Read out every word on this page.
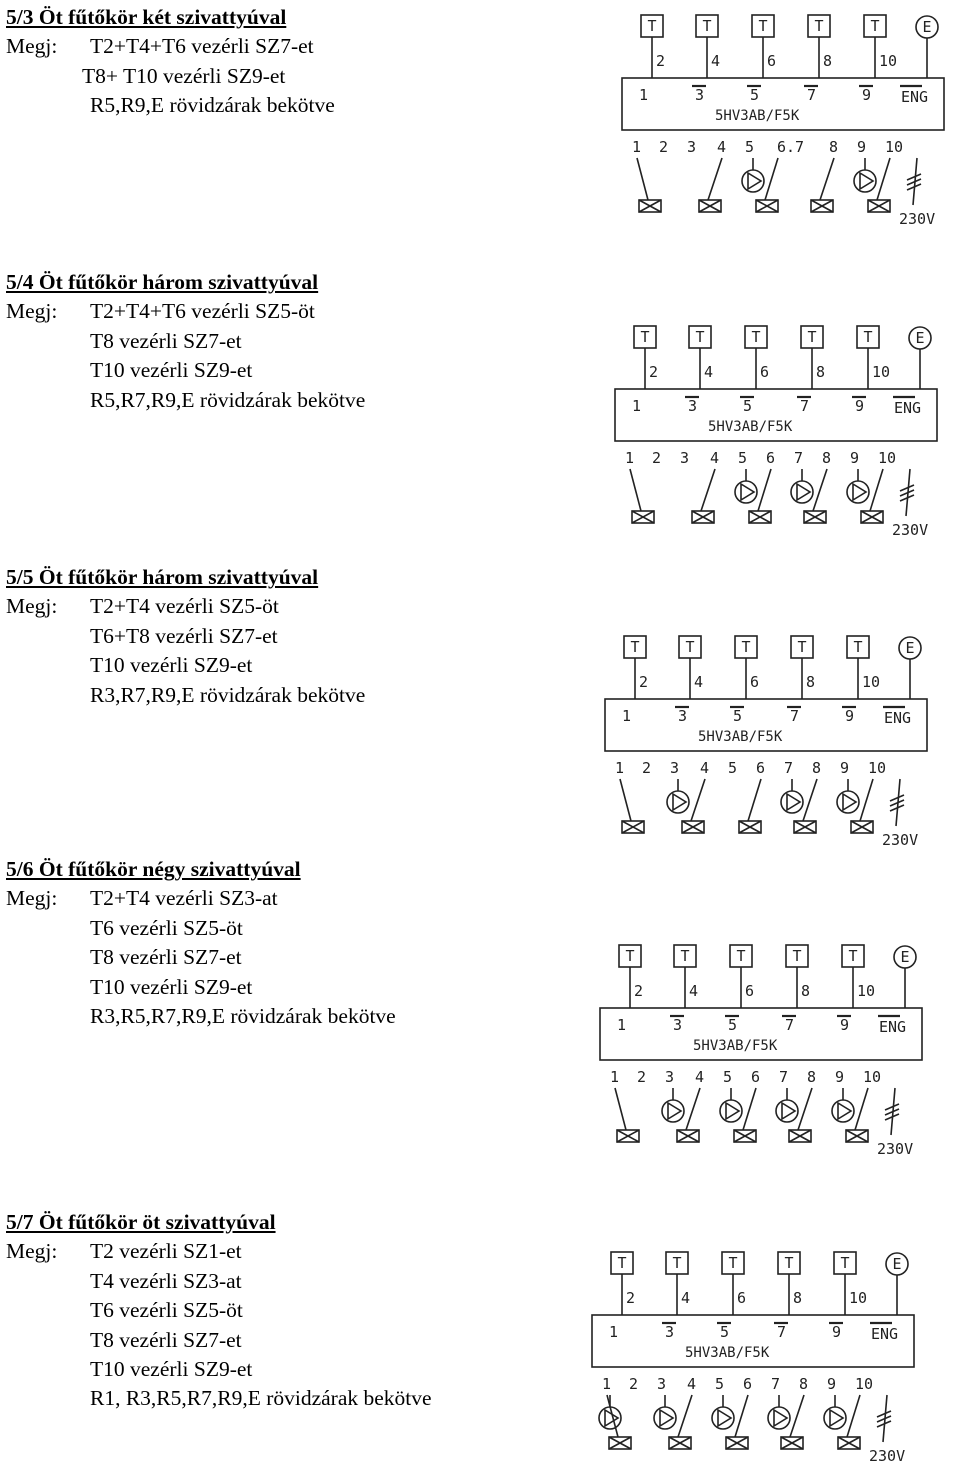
5/3 Öt fűtőkör két szivattyúval
Megj: T2+T4+T6 vezérli SZ7-et
T8+ T10 vezérli SZ9-et
R5,R9,E rövidzárak bekötve
T
2
T
4
T
6
T
8
T
10
E
1	3	5	7	9 ENG
5HV3AB/F5K
1 2 3 4 5 6.7 8 9 10
230V
5/4 Öt fűtőkör három szivattyúval
Megj: T2+T4+T6 vezérli SZ5-öt
T8 vezérli SZ7-et
T10 vezérli SZ9-et
R5,R7,R9,E rövidzárak bekötve
T
2
T
4
T
6
T
8
T
10
E
1	3	5	7	9 ENG
5HV3AB/F5K
1 2 3 4 5 6 7 8 9 10
230V
5/5 Öt fűtőkör három szivattyúval
Megj: T2+T4 vezérli SZ5-öt
T6+T8 vezérli SZ7-et
T10 vezérli SZ9-et
R3,R7,R9,E rövidzárak bekötve
T
2
T
4
T
6
T
8
T
10
E
1	3	5	7	9 ENG
5HV3AB/F5K
1 2 3 4 5 6 7 8 9 10
230V
5/6 Öt fűtőkör négy szivattyúval
Megj: T2+T4 vezérli SZ3-at
T6 vezérli SZ5-öt
T8 vezérli SZ7-et
T10 vezérli SZ9-et
R3,R5,R7,R9,E rövidzárak bekötve
T
2
T
4
T
6
T
8
T
10
E
1	3	5	7	9 ENG
5HV3AB/F5K
1 2 3 4 5 6 7 8 9 10
230V
5/7 Öt fűtőkör öt szivattyúval
Megj: T2 vezérli SZ1-et
T4 vezérli SZ3-at
T6 vezérli SZ5-öt
T8 vezérli SZ7-et
T10 vezérli SZ9-et
R1, R3,R5,R7,R9,E rövidzárak bekötve
T
2
T
4
T
6
T
8
T
10
E
1	3	5	7	9 ENG
5HV3AB/F5K
1 2 3 4 5 6 7 8 9 10
230V
